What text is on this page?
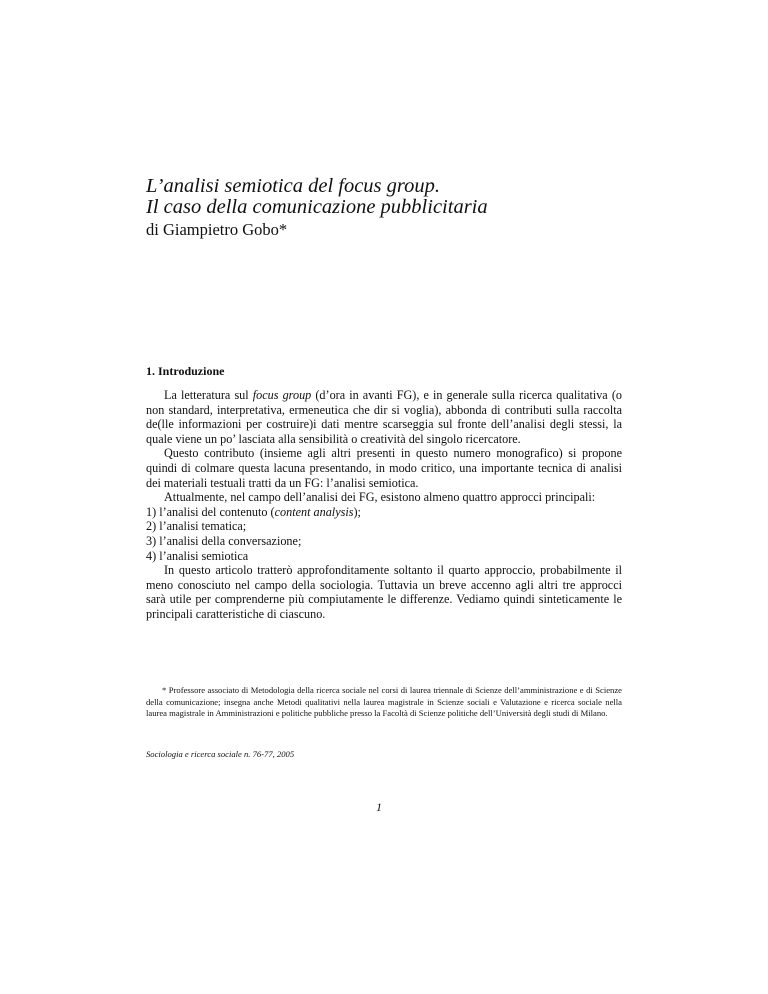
L’analisi semiotica del focus group.
Il caso della comunicazione pubblicitaria

di Giampietro Gobo*

1. Introduzione

La letteratura sul focus group (d’ora in avanti FG), e in generale sulla ricerca qualitativa (o non standard, interpretativa, ermeneutica che dir si voglia), abbonda di contributi sulla raccolta de(lle informazioni per costruire)i dati mentre scarseggia sul fronte dell’analisi degli stessi, la quale viene un po’ lasciata alla sensibilità o creatività del singolo ricercatore.

Questo contributo (insieme agli altri presenti in questo numero monografico) si propone quindi di colmare questa lacuna presentando, in modo critico, una importante tecnica di analisi dei materiali testuali tratti da un FG: l’analisi semiotica.

Attualmente, nel campo dell’analisi dei FG, esistono almeno quattro approcci principali:

1) l’analisi del contenuto (content analysis);
2) l’analisi tematica;
3) l’analisi della conversazione;
4) l’analisi semiotica

In questo articolo tratterò approfonditamente soltanto il quarto approccio, probabilmente il meno conosciuto nel campo della sociologia. Tuttavia un breve accenno agli altri tre approcci sarà utile per comprenderne più compiutamente le differenze. Vediamo quindi sinteticamente le principali caratteristiche di ciascuno.

* Professore associato di Metodologia della ricerca sociale nel corsi di laurea triennale di Scienze dell’amministrazione e di Scienze della comunicazione; insegna anche Metodi qualitativi nella laurea magistrale in Scienze sociali e Valutazione e ricerca sociale nella laurea magistrale in Amministrazioni e politiche pubbliche presso la Facoltà di Scienze politiche dell’Università degli studi di Milano.

Sociologia e ricerca sociale n. 76-77, 2005

1
